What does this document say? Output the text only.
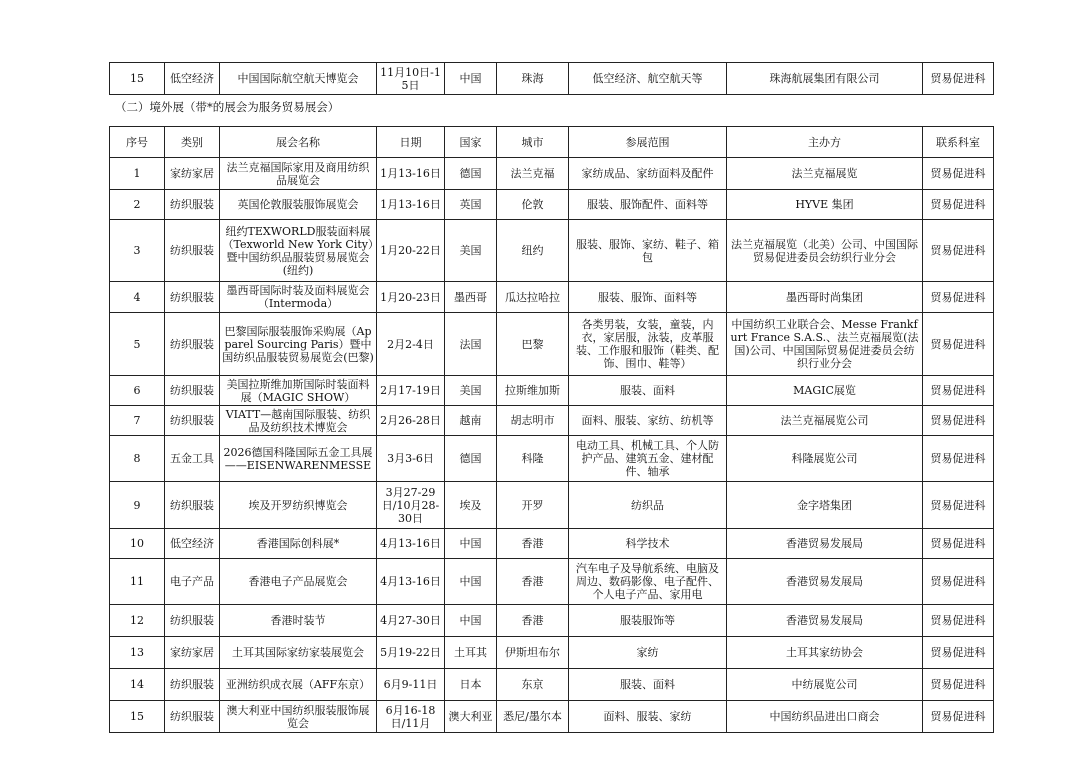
15	低空经济	中国国际航空航天博览会	11月10日-15日	中国	珠海	低空经济、航空航天等	珠海航展集团有限公司	贸易促进科
（二）境外展（带*的展会为服务贸易展会）
序号	类别	展会名称	日期	国家	城市	参展范围	主办方	联系科室
1	家纺家居	法兰克福国际家用及商用纺织品展览会	1月13-16日	德国	法兰克福	家纺成品、家纺面料及配件	法兰克福展览	贸易促进科
2	纺织服装	英国伦敦服装服饰展览会	1月13-16日	英国	伦敦	服装、服饰配件、面料等	HYVE 集团	贸易促进科
3	纺织服装	纽约TEXWORLD服装面料展（Texworld New York City）暨中国纺织品服装贸易展览会(纽约)	1月20-22日	美国	纽约	服装、服饰、家纺、鞋子、箱包	法兰克福展览（北美）公司、中国国际贸易促进委员会纺织行业分会	贸易促进科
4	纺织服装	墨西哥国际时装及面料展览会（Intermoda）	1月20-23日	墨西哥	瓜达拉哈拉	服装、服饰、面料等	墨西哥时尚集团	贸易促进科
5	纺织服装	巴黎国际服装服饰采购展（Apparel Sourcing Paris）暨中国纺织品服装贸易展览会(巴黎)	2月2-4日	法国	巴黎	各类男装，女装，童装，内衣，家居服，泳装，皮革服装、工作服和服饰（鞋类、配饰、围巾、鞋等）	中国纺织工业联合会、Messe Frankfurt France S.A.S.、法兰克福展览(法国)公司、中国国际贸易促进委员会纺织行业分会	贸易促进科
6	纺织服装	美国拉斯维加斯国际时装面料展（MAGIC SHOW）	2月17-19日	美国	拉斯维加斯	服装、面料	MAGIC展览	贸易促进科
7	纺织服装	VIATT—越南国际服装、纺织品及纺织技术博览会	2月26-28日	越南	胡志明市	面料、服装、家纺、纺机等	法兰克福展览公司	贸易促进科
8	五金工具	2026德国科隆国际五金工具展——EISENWARENMESSE	3月3-6日	德国	科隆	电动工具、机械工具、个人防护产品、建筑五金、建材配件、轴承	科隆展览公司	贸易促进科
9	纺织服装	埃及开罗纺织博览会	3月27-29日/10月28-30日	埃及	开罗	纺织品	金字塔集团	贸易促进科
10	低空经济	香港国际创科展*	4月13-16日	中国	香港	科学技术	香港贸易发展局	贸易促进科
11	电子产品	香港电子产品展览会	4月13-16日	中国	香港	汽车电子及导航系统、电脑及周边、数码影像、电子配件、个人电子产品、家用电	香港贸易发展局	贸易促进科
12	纺织服装	香港时装节	4月27-30日	中国	香港	服装服饰等	香港贸易发展局	贸易促进科
13	家纺家居	土耳其国际家纺家装展览会	5月19-22日	土耳其	伊斯坦布尔	家纺	土耳其家纺协会	贸易促进科
14	纺织服装	亚洲纺织成衣展（AFF东京）	6月9-11日	日本	东京	服装、面料	中纺展览公司	贸易促进科
15	纺织服装	澳大利亚中国纺织服装服饰展览会	6月16-18日/11月	澳大利亚	悉尼/墨尔本	面料、服装、家纺	中国纺织品进出口商会	贸易促进科
